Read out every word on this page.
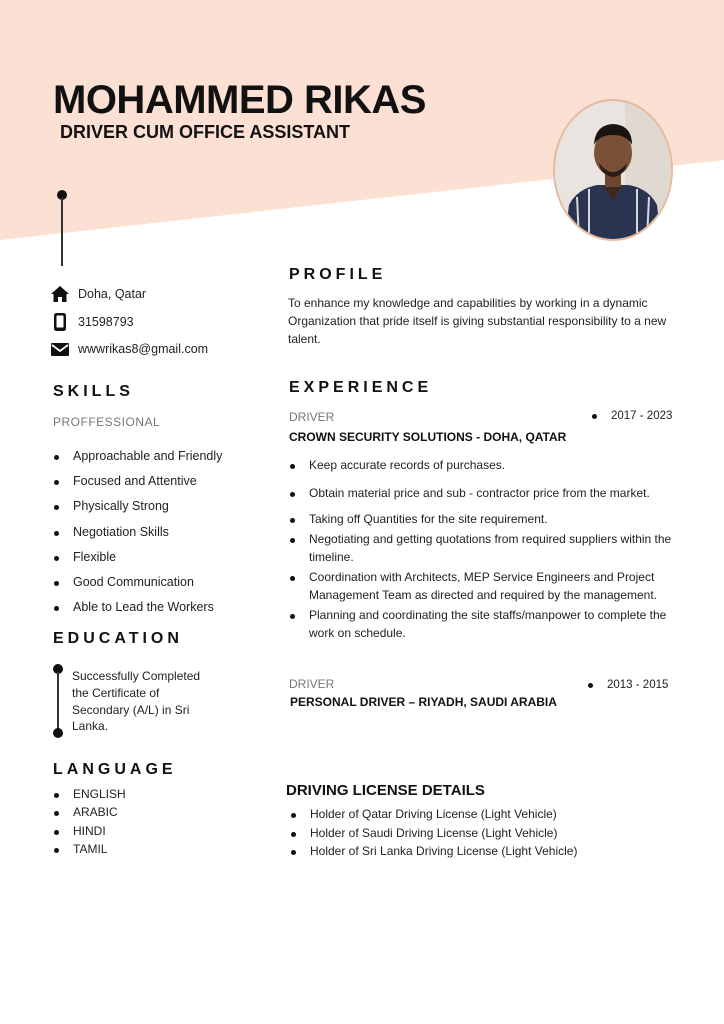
MOHAMMED RIKAS
DRIVER CUM OFFICE ASSISTANT
Doha, Qatar
31598793
wwwrikas8@gmail.com
SKILLS
PROFFESSIONAL
Approachable and Friendly
Focused and Attentive
Physically Strong
Negotiation Skills
Flexible
Good Communication
Able to Lead the Workers
EDUCATION
Successfully Completed the Certificate of Secondary (A/L) in Sri Lanka.
LANGUAGE
ENGLISH
ARABIC
HINDI
TAMIL
PROFILE
To enhance my knowledge and capabilities by working in a dynamic Organization that pride itself is giving substantial responsibility to a new talent.
EXPERIENCE
DRIVER	2017 - 2023
CROWN SECURITY SOLUTIONS - DOHA, QATAR
Keep accurate records of purchases.
Obtain material price and sub - contractor price from the market.
Taking off Quantities for the site requirement.
Negotiating and getting quotations from required suppliers within the timeline.
Coordination with Architects, MEP Service Engineers and Project Management Team as directed and required by the management.
Planning and coordinating the site staffs/manpower to complete the work on schedule.
DRIVER	2013 - 2015
PERSONAL DRIVER – RIYADH, SAUDI ARABIA
DRIVING LICENSE DETAILS
Holder of Qatar Driving License (Light Vehicle)
Holder of Saudi Driving License (Light Vehicle)
Holder of Sri Lanka Driving License (Light Vehicle)
